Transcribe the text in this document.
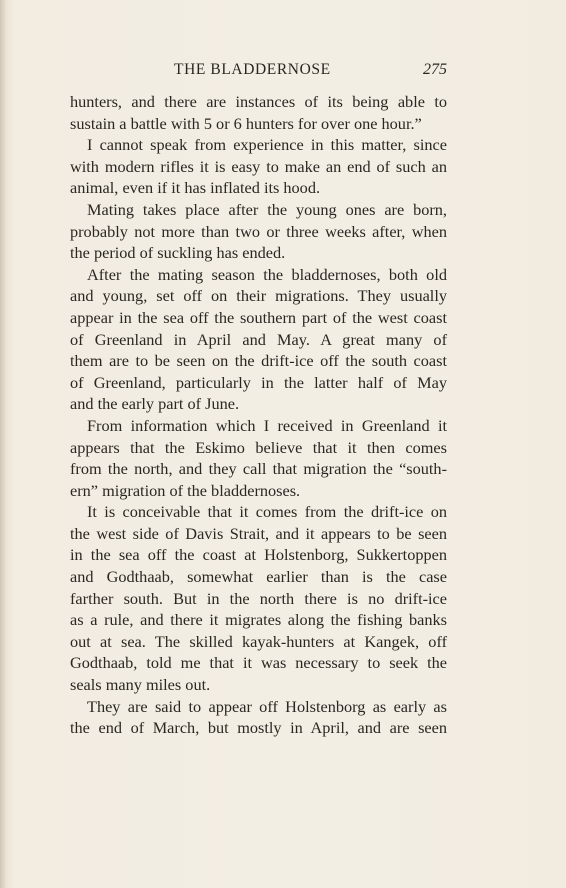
THE BLADDERNOSE	275
hunters, and there are instances of its being able to
sustain a battle with 5 or 6 hunters for over one hour.”
I cannot speak from experience in this matter, since
with modern rifles it is easy to make an end of such an
animal, even if it has inflated its hood.
Mating takes place after the young ones are born,
probably not more than two or three weeks after, when
the period of suckling has ended.
After the mating season the bladdernoses, both old
and young, set off on their migrations. They usually
appear in the sea off the southern part of the west coast
of Greenland in April and May. A great many of
them are to be seen on the drift-ice off the south coast
of Greenland, particularly in the latter half of May
and the early part of June.
From information which I received in Greenland it
appears that the Eskimo believe that it then comes
from the north, and they call that migration the “south-
ern” migration of the bladdernoses.
It is conceivable that it comes from the drift-ice on
the west side of Davis Strait, and it appears to be seen
in the sea off the coast at Holstenborg, Sukkertoppen
and Godthaab, somewhat earlier than is the case
farther south. But in the north there is no drift-ice
as a rule, and there it migrates along the fishing banks
out at sea. The skilled kayak-hunters at Kangek, off
Godthaab, told me that it was necessary to seek the
seals many miles out.
They are said to appear off Holstenborg as early as
the end of March, but mostly in April, and are seen
